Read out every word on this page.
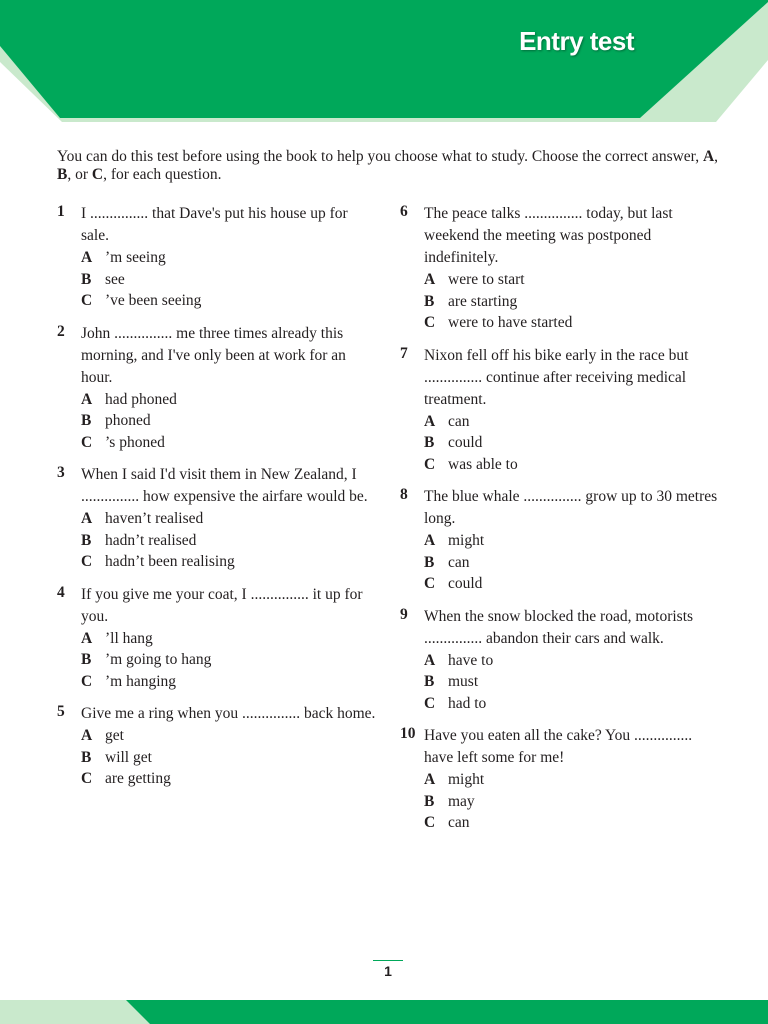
Entry test
You can do this test before using the book to help you choose what to study. Choose the correct answer, A, B, or C, for each question.
1	I ............... that Dave's put his house up for sale.
A ’m seeing
B see
C ’ve been seeing
2	John ............... me three times already this morning, and I've only been at work for an hour.
A had phoned
B phoned
C ’s phoned
3	When I said I'd visit them in New Zealand, I ............... how expensive the airfare would be.
A haven’t realised
B hadn’t realised
C hadn’t been realising
4	If you give me your coat, I ............... it up for you.
A ’ll hang
B ’m going to hang
C ’m hanging
5	Give me a ring when you ............... back home.
A get
B will get
C are getting
6	The peace talks ............... today, but last weekend the meeting was postponed indefinitely.
A were to start
B are starting
C were to have started
7	Nixon fell off his bike early in the race but ............... continue after receiving medical treatment.
A can
B could
C was able to
8	The blue whale ............... grow up to 30 metres long.
A might
B can
C could
9	When the snow blocked the road, motorists ............... abandon their cars and walk.
A have to
B must
C had to
10 Have you eaten all the cake? You ............... have left some for me!
A might
B may
C can
1
